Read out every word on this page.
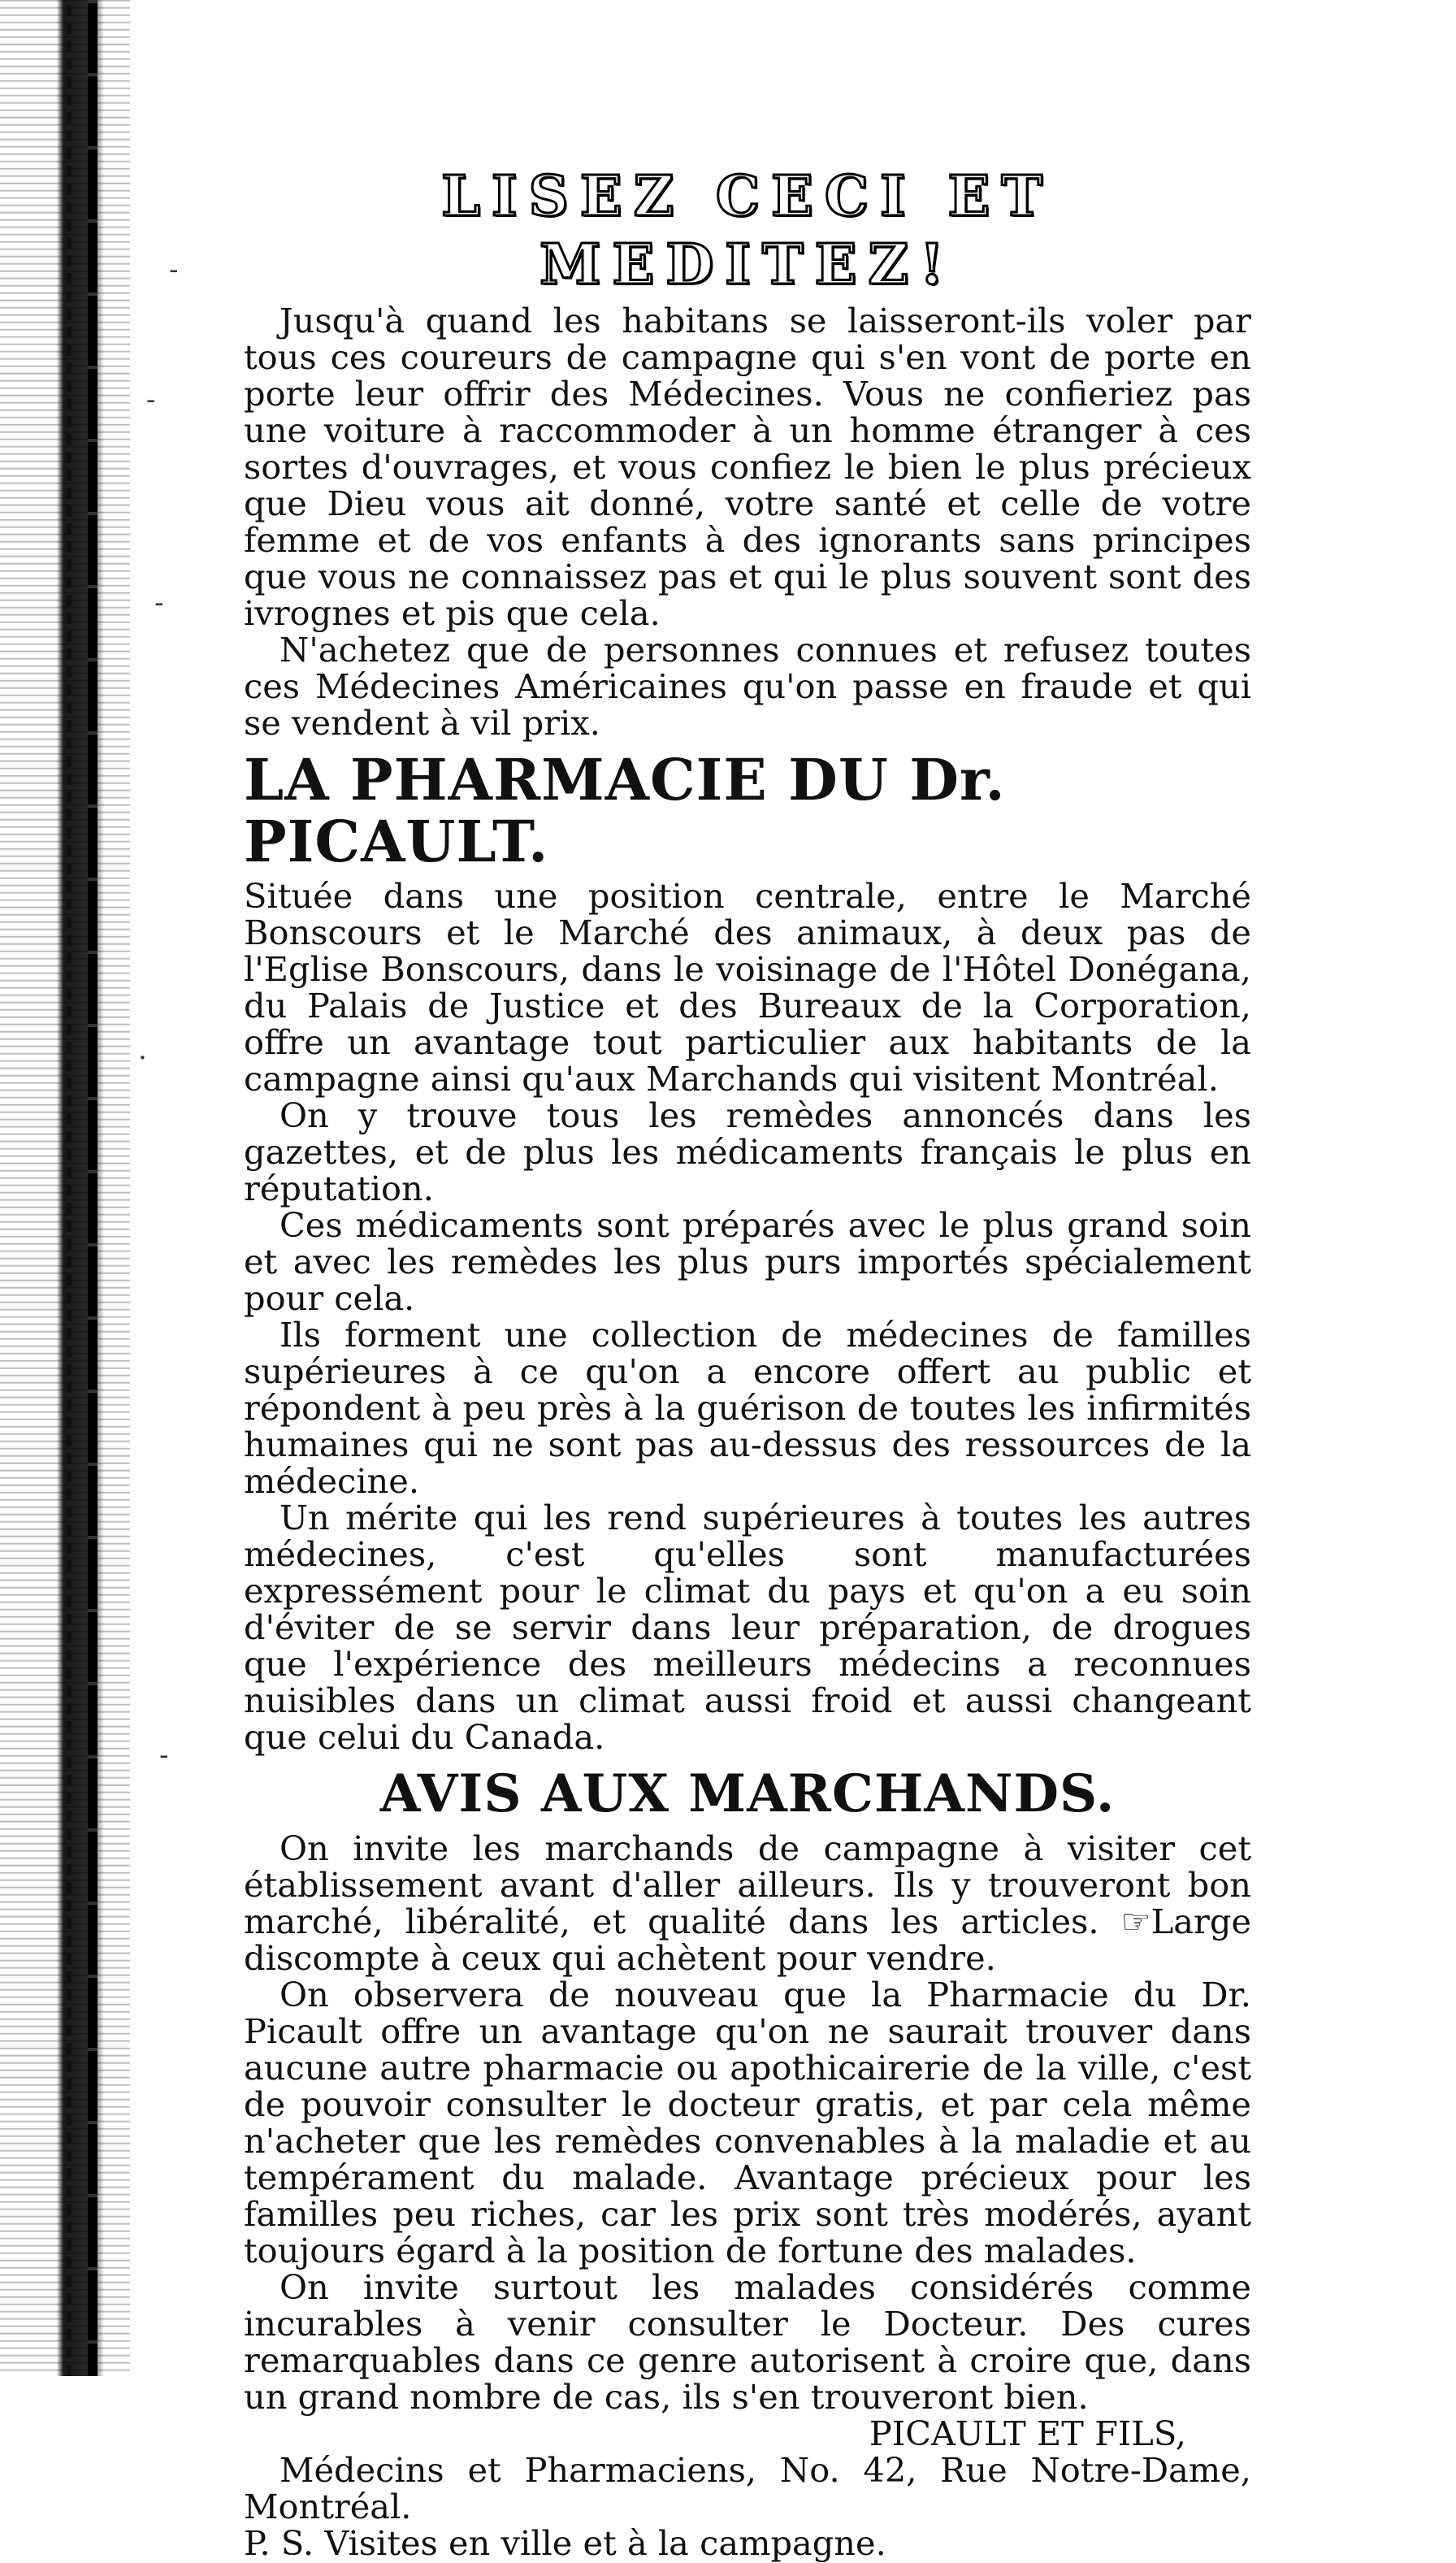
-
-
-
·
-
LISEZ CECI ET MEDITEZ!

Jusqu'à quand les habitans se laisseront-ils voler par tous ces coureurs de campagne qui s'en vont de porte en porte leur offrir des Médecines. Vous ne confieriez pas une voiture à raccommoder à un homme étranger à ces sortes d'ouvrages, et vous confiez le bien le plus précieux que Dieu vous ait donné, votre santé et celle de votre femme et de vos enfants à des ignorants sans principes que vous ne connaissez pas et qui le plus souvent sont des ivrognes et pis que cela.

N'achetez que de personnes connues et refusez toutes ces Médecines Américaines qu'on passe en fraude et qui se vendent à vil prix.

LA PHARMACIE DU Dr. PICAULT.

Située dans une position centrale, entre le Marché Bonscours et le Marché des animaux, à deux pas de l'Eglise Bonscours, dans le voisinage de l'Hôtel Donégana, du Palais de Justice et des Bureaux de la Corporation, offre un avantage tout particulier aux habitants de la campagne ainsi qu'aux Marchands qui visitent Montréal.

On y trouve tous les remèdes annoncés dans les gazettes, et de plus les médicaments français le plus en réputation.

Ces médicaments sont préparés avec le plus grand soin et avec les remèdes les plus purs importés spécialement pour cela.

Ils forment une collection de médecines de familles supérieures à ce qu'on a encore offert au public et répondent à peu près à la guérison de toutes les infirmités humaines qui ne sont pas au-dessus des ressources de la médecine.

Un mérite qui les rend supérieures à toutes les autres médecines, c'est qu'elles sont manufacturées expressément pour le climat du pays et qu'on a eu soin d'éviter de se servir dans leur préparation, de drogues que l'expérience des meilleurs médecins a reconnues nuisibles dans un climat aussi froid et aussi changeant que celui du Canada.

AVIS AUX MARCHANDS.

On invite les marchands de campagne à visiter cet établissement avant d'aller ailleurs. Ils y trouveront bon marché, libéralité, et qualité dans les articles. ☞Large discompte à ceux qui achètent pour vendre.

On observera de nouveau que la Pharmacie du Dr. Picault offre un avantage qu'on ne saurait trouver dans aucune autre pharmacie ou apothicairerie de la ville, c'est de pouvoir consulter le docteur gratis, et par cela même n'acheter que les remèdes convenables à la maladie et au tempérament du malade. Avantage précieux pour les familles peu riches, car les prix sont très modérés, ayant toujours égard à la position de fortune des malades.

On invite surtout les malades considérés comme incurables à venir consulter le Docteur. Des cures remarquables dans ce genre autorisent à croire que, dans un grand nombre de cas, ils s'en trouveront bien.

PICAULT ET FILS,

Médecins et Pharmaciens, No. 42, Rue Notre-Dame, Montréal.

P. S. Visites en ville et à la campagne.
